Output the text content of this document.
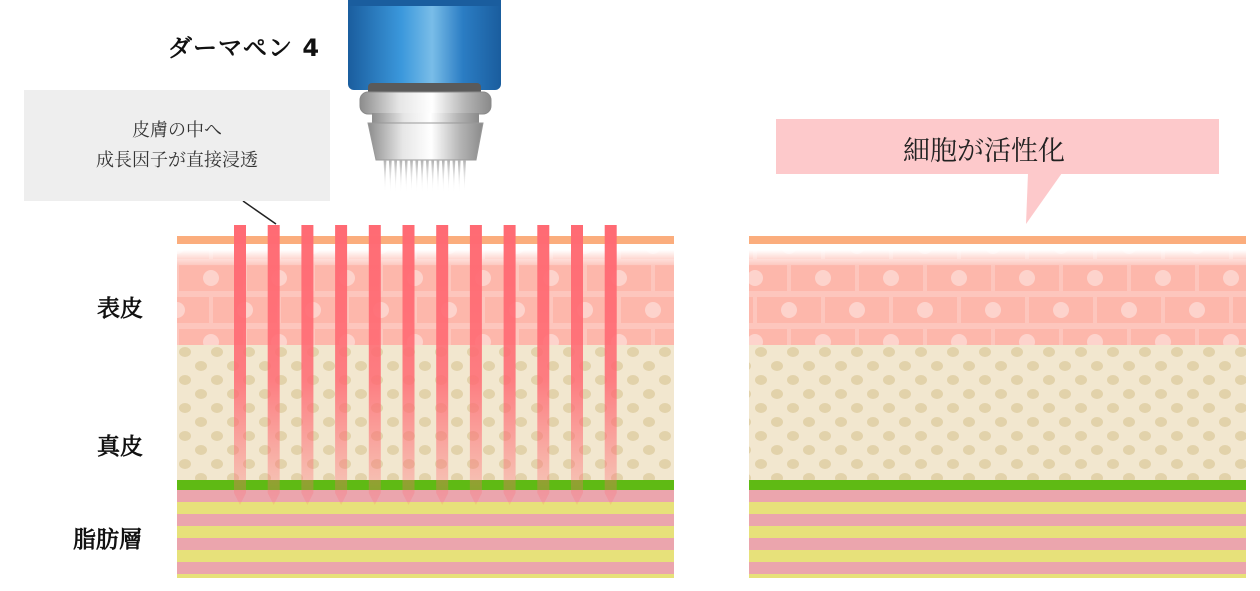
ダーマペン 4
皮膚の中へ
成長因子が直接浸透
表皮
真皮
脂肪層
細胞が活性化
